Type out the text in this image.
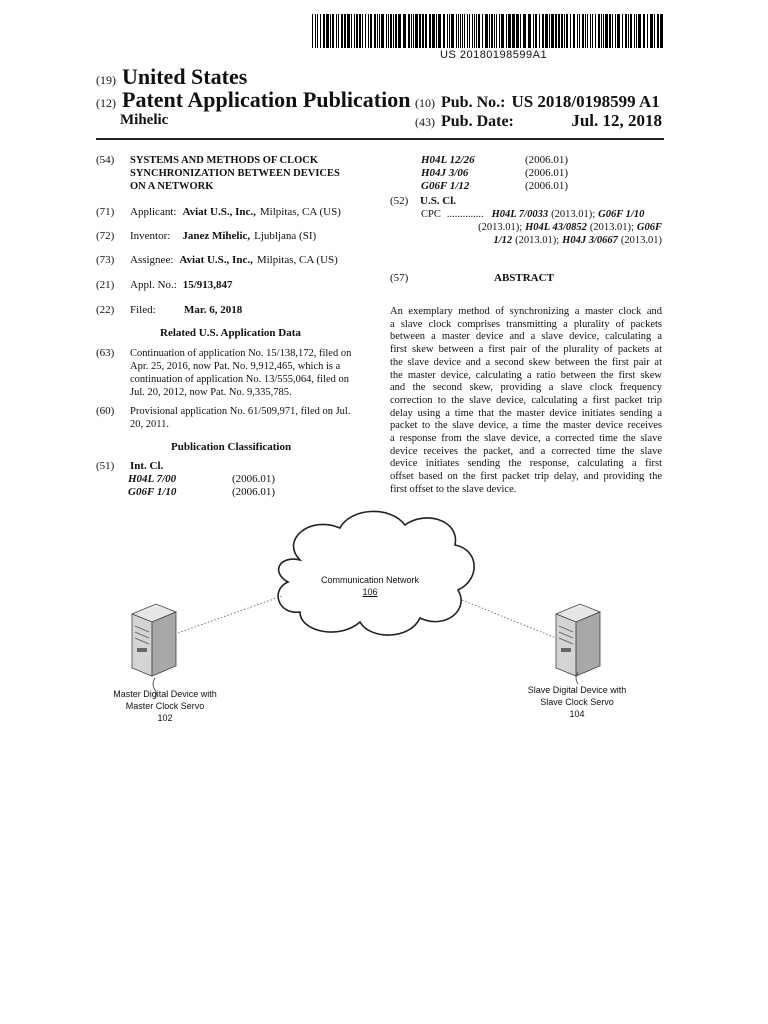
US 20180198599A1
(19) United States
(12) Patent Application Publication
Mihelic
(10) Pub. No.: US 2018/0198599 A1
(43) Pub. Date:	Jul. 12, 2018
(54)	SYSTEMS AND METHODS OF CLOCK
SYNCHRONIZATION BETWEEN DEVICES
ON A NETWORK
(71)	Applicant: Aviat U.S., Inc., Milpitas, CA (US)
(72)	Inventor: Janez Mihelic, Ljubljana (SI)
(73)	Assignee: Aviat U.S., Inc., Milpitas, CA (US)
(21)	Appl. No.: 15/913,847
(22)	Filed:	Mar. 6, 2018
Related U.S. Application Data
(63)	Continuation of application No. 15/138,172, filed on
Apr. 25, 2016, now Pat. No. 9,912,465, which is a
continuation of application No. 13/555,064, filed on
Jul. 20, 2012, now Pat. No. 9,335,785.
(60)	Provisional application No. 61/509,971, filed on Jul.
20, 2011.
Publication Classification
(51)	Int. Cl.
H04L 7/00	(2006.01)
G06F 1/10	(2006.01)
H04L 12/26	(2006.01)
H04J 3/06	(2006.01)
G06F 1/12	(2006.01)
(52)	U.S. Cl.
CPC .............. H04L 7/0033 (2013.01); G06F 1/10
(2013.01); H04L 43/0852 (2013.01); G06F
1/12 (2013.01); H04J 3/0667 (2013.01)
(57)	ABSTRACT
An exemplary method of synchronizing a master clock and
a slave clock comprises transmitting a plurality of packets
between a master device and a slave device, calculating a
first skew between a first pair of the plurality of packets at
the slave device and a second skew between the first pair at
the master device, calculating a ratio between the first skew
and the second skew, providing a slave clock frequency
correction to the slave device, calculating a first packet trip
delay using a time that the master device initiates sending a
packet to the slave device, a time the master device receives
a response from the slave device, a corrected time the slave
device receives the packet, and a corrected time the slave
device initiates sending the response, calculating a first
offset based on the first packet trip delay, and providing the
first offset to the slave device.
Communication Network
106
Master Digital Device with
Master Clock Servo
102
Slave Digital Device with
Slave Clock Servo
104
